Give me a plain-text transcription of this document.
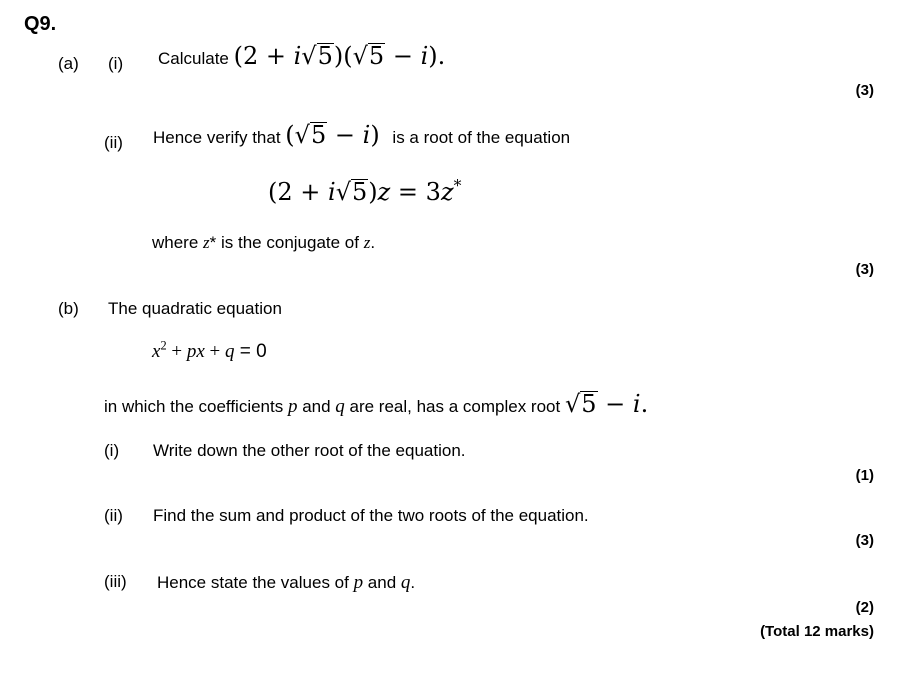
Q9.
(a) (i) Calculate (2 + i√5)(√5 − i).
(3)
(ii) Hence verify that (√5 − i) is a root of the equation
(2 + i√5)z = 3z*
where z* is the conjugate of z.
(3)
(b) The quadratic equation
$x^2$ + px + q = 0
in which the coefficients p and q are real, has a complex root √5 − i.
(i) Write down the other root of the equation.
(1)
(ii) Find the sum and product of the two roots of the equation.
(3)
(iii) Hence state the values of p and q.
(2)
(Total 12 marks)
